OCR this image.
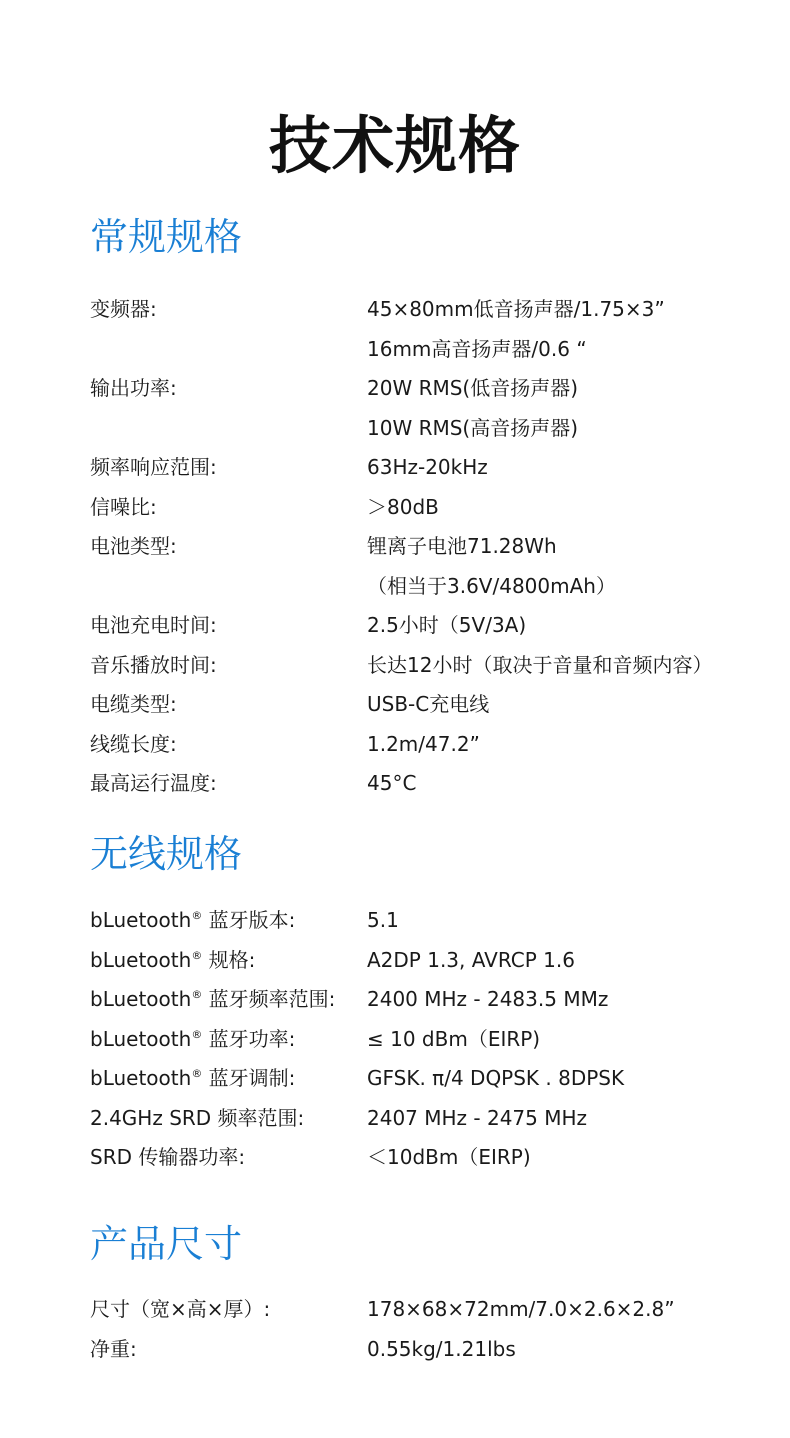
技术规格
常规规格
变频器:	45×80mm低音扬声器/1.75×3”
16mm高音扬声器/0.6 “
输出功率:	20W RMS(低音扬声器)
10W RMS(高音扬声器)
频率响应范围:	63Hz-20kHz
信噪比:	＞80dB
电池类型:	锂离子电池71.28Wh
（相当于3.6V/4800mAh）
电池充电时间:	2.5小时（5V/3A)
音乐播放时间:	长达12小时（取决于音量和音频内容）
电缆类型:	USB-C充电线
线缆长度:	1.2m/47.2”
最高运行温度:	45°C
无线规格
bLuetooth® 蓝牙版本:	5.1
bLuetooth® 规格:	A2DP 1.3, AVRCP 1.6
bLuetooth® 蓝牙频率范围:	2400 MHz - 2483.5 MMz
bLuetooth® 蓝牙功率:	≤ 10 dBm（EIRP)
bLuetooth® 蓝牙调制:	GFSK. π/4 DQPSK . 8DPSK
2.4GHz SRD 频率范围:	2407 MHz - 2475 MHz
SRD 传输器功率:	＜10dBm（EIRP)
产品尺寸
尺寸（宽×高×厚）:	178×68×72mm/7.0×2.6×2.8”
净重:	0.55kg/1.21lbs
